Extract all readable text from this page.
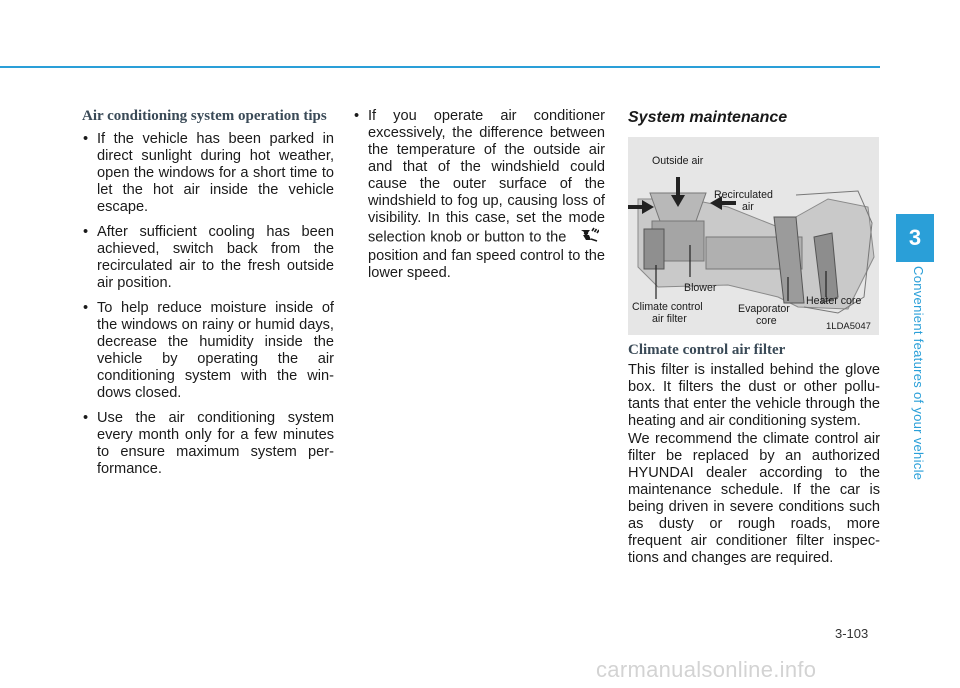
Air conditioning system operation tips

• If the vehicle has been parked in direct sunlight during hot weather, open the windows for a short time to let the hot air inside the vehicle escape.
• After sufficient cooling has been achieved, switch back from the recirculated air to the fresh outside air position.
• To help reduce moisture inside of the windows on rainy or humid days, decrease the humidity inside the vehicle by operating the air conditioning system with the win-dows closed.
• Use the air conditioning system every month only for a few minutes to ensure maximum system per-formance.
• If you operate air conditioner excessively, the difference between the temperature of the outside air and that of the windshield could cause the outer surface of the windshield to fog up, causing loss of visibility. In this case, set the mode selection knob or button to the  position and fan speed control to the lower speed.

System maintenance

Outside air
Recirculated
air
Blower
Climate control
air filter
Evaporator
core
Heater core
1LDA5047

Climate control air filter

This filter is installed behind the glove box. It filters the dust or other pollu-tants that enter the vehicle through the heating and air conditioning system.

We recommend the climate control air filter be replaced by an authorized HYUNDAI dealer according to the maintenance schedule. If the car is being driven in severe conditions such as dusty or rough roads, more frequent air conditioner filter inspec-tions and changes are required.

3
Convenient features of your vehicle
3-103
carmanualsonline.info
